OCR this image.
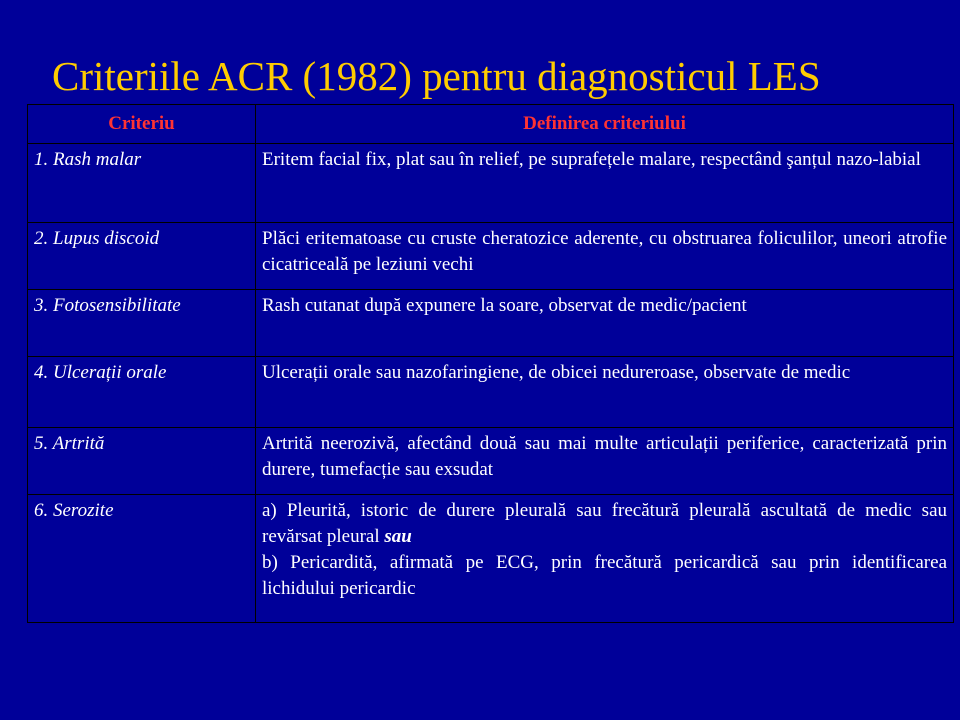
Criteriile ACR (1982) pentru diagnosticul LES
Criteriu	Definirea criteriului
1. Rash malar	Eritem facial fix, plat sau în relief, pe suprafețele malare, respectând şanțul nazo-labial
2. Lupus discoid	Plăci eritematoase cu cruste cheratozice aderente, cu obstruarea foliculilor, uneori atrofie cicatriceală pe leziuni vechi
3. Fotosensibilitate	Rash cutanat după expunere la soare, observat de medic/pacient
4. Ulcerații orale	Ulcerații orale sau nazofaringiene, de obicei nedureroase, observate de medic
5. Artrită	Artrită neerozivă, afectând două sau mai multe articulații periferice, caracterizată prin durere, tumefacție sau exsudat
6. Serozite	a) Pleurită, istoric de durere pleurală sau frecătură pleurală ascultată de medic sau revărsat pleural sau
b) Pericardită, afirmată pe ECG, prin frecătură pericardică sau prin identificarea lichidului pericardic
